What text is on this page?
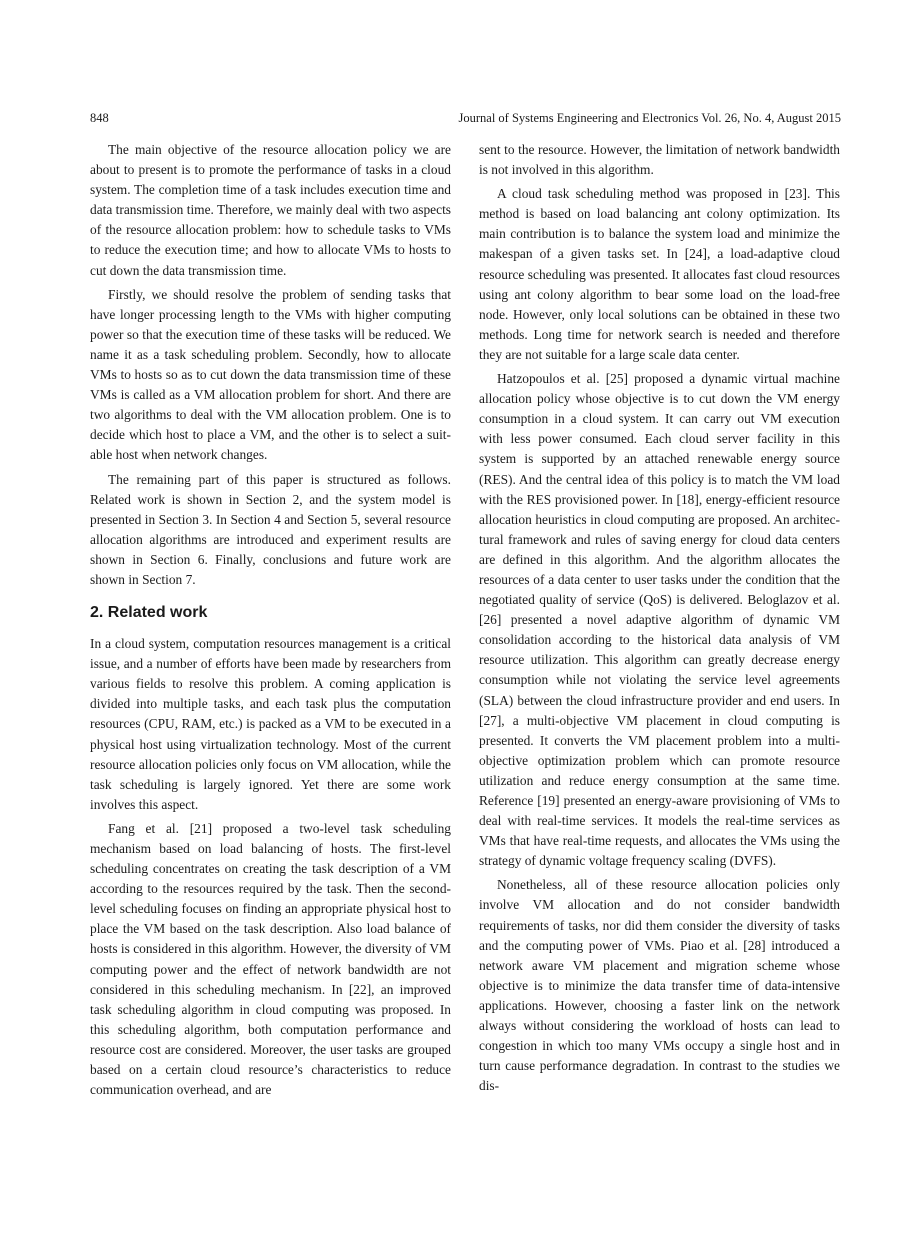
848	Journal of Systems Engineering and Electronics Vol. 26, No. 4, August 2015

The main objective of the resource allocation policy we are about to present is to promote the performance of tasks in a cloud system. The completion time of a task includes execution time and data transmission time. Therefore, we mainly deal with two aspects of the resource allocation problem: how to schedule tasks to VMs to reduce the execution time; and how to allocate VMs to hosts to cut down the data transmission time.

Firstly, we should resolve the problem of sending tasks that have longer processing length to the VMs with higher computing power so that the execution time of these tasks will be reduced. We name it as a task scheduling problem. Secondly, how to allocate VMs to hosts so as to cut down the data transmission time of these VMs is called as a VM allocation problem for short. And there are two algorithms to deal with the VM allocation problem. One is to decide which host to place a VM, and the other is to select a suitable host when network changes.

The remaining part of this paper is structured as follows. Related work is shown in Section 2, and the system model is presented in Section 3. In Section 4 and Section 5, several resource allocation algorithms are introduced and experiment results are shown in Section 6. Finally, conclusions and future work are shown in Section 7.

2. Related work

In a cloud system, computation resources management is a critical issue, and a number of efforts have been made by researchers from various fields to resolve this problem. A coming application is divided into multiple tasks, and each task plus the computation resources (CPU, RAM, etc.) is packed as a VM to be executed in a physical host using virtualization technology. Most of the current resource allocation policies only focus on VM allocation, while the task scheduling is largely ignored. Yet there are some work involves this aspect.

Fang et al. [21] proposed a two-level task scheduling mechanism based on load balancing of hosts. The first-level scheduling concentrates on creating the task description of a VM according to the resources required by the task. Then the second-level scheduling focuses on finding an appropriate physical host to place the VM based on the task description. Also load balance of hosts is considered in this algorithm. However, the diversity of VM computing power and the effect of network bandwidth are not considered in this scheduling mechanism. In [22], an improved task scheduling algorithm in cloud computing was proposed. In this scheduling algorithm, both computation performance and resource cost are considered. Moreover, the user tasks are grouped based on a certain cloud resource’s characteristics to reduce communication overhead, and are

sent to the resource. However, the limitation of network bandwidth is not involved in this algorithm.

A cloud task scheduling method was proposed in [23]. This method is based on load balancing ant colony optimization. Its main contribution is to balance the system load and minimize the makespan of a given tasks set. In [24], a load-adaptive cloud resource scheduling was presented. It allocates fast cloud resources using ant colony algorithm to bear some load on the load-free node. However, only local solutions can be obtained in these two methods. Long time for network search is needed and therefore they are not suitable for a large scale data center.

Hatzopoulos et al. [25] proposed a dynamic virtual machine allocation policy whose objective is to cut down the VM energy consumption in a cloud system. It can carry out VM execution with less power consumed. Each cloud server facility in this system is supported by an attached renewable energy source (RES). And the central idea of this policy is to match the VM load with the RES provisioned power. In [18], energy-efficient resource allocation heuristics in cloud computing are proposed. An architectural framework and rules of saving energy for cloud data centers are defined in this algorithm. And the algorithm allocates the resources of a data center to user tasks under the condition that the negotiated quality of service (QoS) is delivered. Beloglazov et al. [26] presented a novel adaptive algorithm of dynamic VM consolidation according to the historical data analysis of VM resource utilization. This algorithm can greatly decrease energy consumption while not violating the service level agreements (SLA) between the cloud infrastructure provider and end users. In [27], a multi-objective VM placement in cloud computing is presented. It converts the VM placement problem into a multi-objective optimization problem which can promote resource utilization and reduce energy consumption at the same time. Reference [19] presented an energy-aware provisioning of VMs to deal with real-time services. It models the real-time services as VMs that have real-time requests, and allocates the VMs using the strategy of dynamic voltage frequency scaling (DVFS).

Nonetheless, all of these resource allocation policies only involve VM allocation and do not consider bandwidth requirements of tasks, nor did them consider the diversity of tasks and the computing power of VMs. Piao et al. [28] introduced a network aware VM placement and migration scheme whose objective is to minimize the data transfer time of data-intensive applications. However, choosing a faster link on the network always without considering the workload of hosts can lead to congestion in which too many VMs occupy a single host and in turn cause performance degradation. In contrast to the studies we dis-
